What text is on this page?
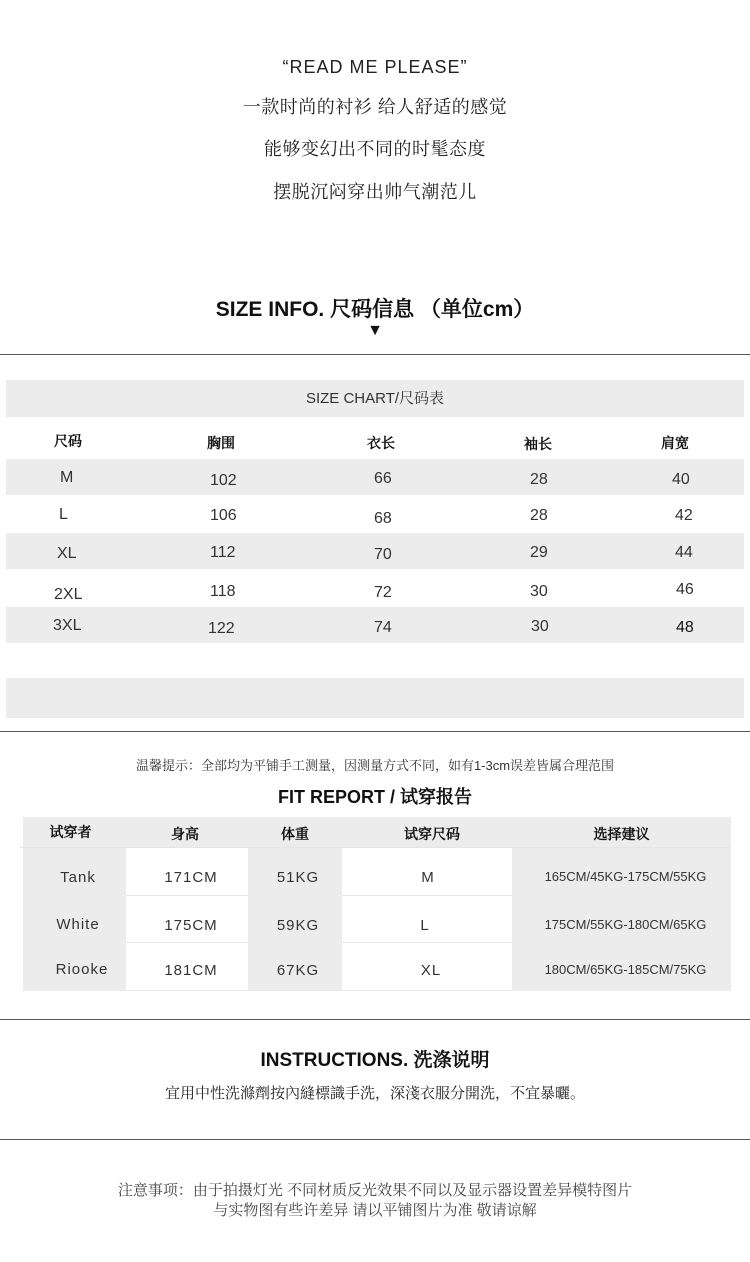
“READ ME PLEASE”
一款时尚的衬衫 给人舒适的感觉
能够变幻出不同的时髦态度
摆脱沉闷穿出帅气潮范儿
SIZE INFO. 尺码信息 （单位cm）
▼
SIZE CHART/尺码表
尺码	胸围	衣长	袖长	肩宽
M	102	66	28	40
L	106	68	28	42
XL	112	70	29	44
2XL	118	72	30	46
3XL	122	74	30	48
温馨提示：全部均为平铺手工测量，因测量方式不同，如有1-3cm误差皆属合理范围
FIT REPORT / 试穿报告
试穿者	身高	体重	试穿尺码	选择建议
Tank	171CM	51KG	M	165CM/45KG-175CM/55KG
White	175CM	59KG	L	175CM/55KG-180CM/65KG
Riooke	181CM	67KG	XL	180CM/65KG-185CM/75KG
INSTRUCTIONS. 洗涤说明
宜用中性洗滌劑按內縫標識手洗，深淺衣服分開洗，不宜暴曬。
注意事项：由于拍摄灯光 不同材质反光效果不同以及显示器设置差异模特图片
与实物图有些许差异 请以平铺图片为准 敬请谅解
